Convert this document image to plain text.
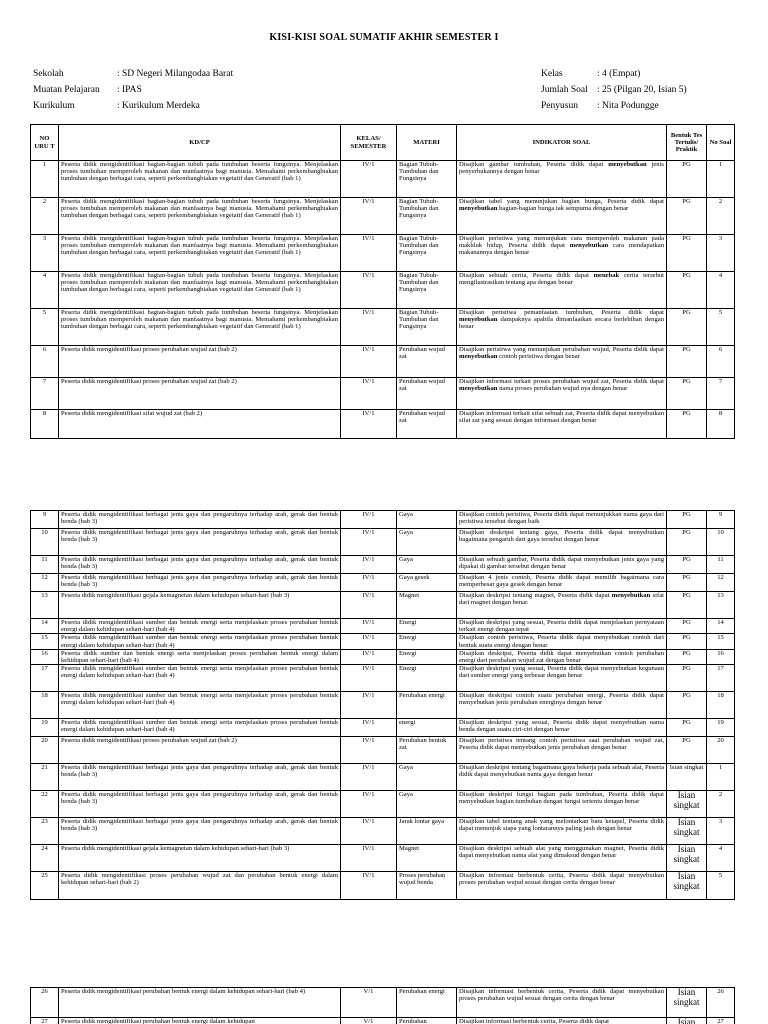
KISI-KISI SOAL SUMATIF AKHIR SEMESTER I
Sekolah	: SD Negeri Milangodaa Barat
Muatan Pelajaran : IPAS
Kurikulum	: Kurikulum Merdeka
Kelas	: 4 (Empat)
Jumlah Soal : 25 (Pilgan 20, Isian 5)
Penyusun : Nita Podungge
NO URU T	KD/CP	KELAS/ SEMESTER	MATERI	INDIKATOR SOAL	Bentuk Tes Tertulis/ Praktik	No Soal
1	Peserta didik mengidentifikasi bagian-bagian tubuh pada tumbuhan beserta fungsinya. Menjelaskan proses tumbuhan memperoleh makanan dan manfaatnya bagi manusia. Memahami perkembangbiakan tumbuhan dengan berbagai cara, seperti perkembangbiakan vegetatif dan Generatif (bab 1)	IV/1	Bagian Tubuh-Tumbuhan dan Fungsinya	Disajikan gambar tumbuhan, Peserta didik dapat menyebutkan jenis penyerbukannya dengan benar	PG	1
2	Peserta didik mengidentifikasi bagian-bagian tubuh pada tumbuhan beserta fungsinya. Menjelaskan proses tumbuhan memperoleh makanan dan manfaatnya bagi manusia. Memahami perkembangbiakan tumbuhan dengan berbagai cara, seperti perkembangbiakan vegetatif dan Generatif (bab 1)	IV/1	Bagian Tubuh-Tumbuhan dan Fungsinya	Disajikan tabel yang menunjukan bagian bunga, Peserta didik dapat menyebutkan bagian-bagian bunga tak sempurna dengan benar	PG	2
3	Peserta didik mengidentifikasi bagian-bagian tubuh pada tumbuhan beserta fungsinya. Menjelaskan proses tumbuhan memperoleh makanan dan manfaatnya bagi manusia. Memahami perkembangbiakan tumbuhan dengan berbagai cara, seperti perkembangbiakan vegetatif dan Generatif (bab 1)	IV/1	Bagian Tubuh-Tumbuhan dan Fungsinya	Disajikan peristiwa yang menunjukan cara memperoleh makanan pada makhluk hidup, Peserta didik dapat menyebutkan cara mendapatkan makanannya dengan benar	PG	3
4	Peserta didik mengidentifikasi bagian-bagian tubuh pada tumbuhan beserta fungsinya. Menjelaskan proses tumbuhan memperoleh makanan dan manfaatnya bagi manusia. Memahami perkembangbiakan tumbuhan dengan berbagai cara, seperti perkembangbiakan vegetatif dan Generatif (bab 1)	IV/1	Bagian Tubuh-Tumbuhan dan Fungsinya	Disajikan sebuah cerita, Peserta didik dapat menebak cerita tersebut mengilustrasikan tentang apa dengan benar	PG	4
5	Peserta didik mengidentifikasi bagian-bagian tubuh pada tumbuhan beserta fungsinya. Menjelaskan proses tumbuhan memperoleh makanan dan manfaatnya bagi manusia. Memahami perkembangbiakan tumbuhan dengan berbagai cara, seperti perkembangbiakan vegetatif dan Generatif (bab 1)	IV/1	Bagian Tubuh-Tumbuhan dan Fungsinya	Disajikan peristiwa pemanfaatan tumbuhan, Peserta didik dapat menyebutkan dampaknya apabila dimanfaatkan secara berlebihan dengan benar	PG	5
6	Peserta didik mengidentifikasi proses perubahan wujud zat (bab 2)	IV/1	Perubahan wujud zat	Disajikan peristiwa yang menunjukan perubahan wujud, Peserta didik dapat menyebutkan contoh peristiwa dengan benar	PG	6
7	Peserta didik mengidentifikasi proses perubahan wujud zat (bab 2)	IV/1	Perubahan wujud zat	Disajikan informasi terkait proses perubahan wujud zat, Peserta didik dapat menyebutkan nama proses perubahan wujud nya dengan benar	PG	7
8	Peserta didik mengidentifikasi sifat wujud zat (bab 2)	IV/1	Perubahan wujud zat	Disajikan informasi terkait sifat sebuah zat, Peserta didik dapat menyebutkan sifat zat yang sesuai dengan informasi dengan benar	PG	8
9	Peserta didik mengidentifikasi berbagai jenis gaya dan pengaruhnya terhadap arah, gerak dan bentuk benda (bab 3)	IV/1	Gaya	Disajikan contoh peristiwa, Peserta didik dapat menunjukkan nama gaya dari peristiwa tersebut dengan baik	PG	9
10	Peserta didik mengidentifikasi berbagai jenis gaya dan pengaruhnya terhadap arah, gerak dan bentuk benda (bab 3)	IV/1	Gaya	Disajikan deskripsi tentang gaya, Peserta didik dapat menyebutkan bagaimana pengaruh dari gaya tersebut dengan benar	PG	10
11	Peserta didik mengidentifikasi berbagai jenis gaya dan pengaruhnya terhadap arah, gerak dan bentuk benda (bab 3)	IV/1	Gaya	Disajikan sebuah gambar, Peserta didik dapat menyebutkan jenis gaya yang dipakai di gambar tersebut dengan benar	PG	11
12	Peserta didik mengidentifikasi berbagai jenis gaya dan pengaruhnya terhadap arah, gerak dan bentuk benda (bab 3)	IV/1	Gaya gesek	Disajikan 4 jenis contoh, Peserta didik dapat memilih bagaimana cara memperbesar gaya gesek dengan benar	PG	12
13	Peserta didik mengidentifikasi gejala kemagnetan dalam kehidupan sehari-hari (bab 3)	IV/1	Magnet	Disajikan deskripsi tentang magnet, Peserta didik dapat menyebutkan sifat dari magnet dengan benar.	PG	13
14	Peserta didik mengidentifikasi sumber dan bentuk energi serta menjelaskan proses perubahan bentuk energi dalam kehidupan sehari-hari (bab 4)	IV/1	Energi	Disajikan deskripsi yang sesuai, Peserta didik dapat menjelaskan pernyataan terkait energi dengan tepat	PG	14
15	Peserta didik mengidentifikasi sumber dan bentuk energi serta menjelaskan proses perubahan bentuk energi dalam kehidupan sehari-hari (bab 4)	IV/1	Energi	Disajikan contoh peristiwa, Peserta didik dapat menyebutkan contoh dari bentuk suatu energi dengan benar	PG	15
16	Peserta didik sumber dan bentuk energi serta menjelaskan proses perubahan bentuk energi dalam kehidupan sehari-hari (bab 4)	IV/1	Energi	Disajikan deskripsi, Peserta didik dapat menyebutkan contoh perubahan energi dari perubahan wujud zat dengan benar	PG	16
17	Peserta didik mengidentifikasi sumber dan bentuk energi serta menjelaskan proses perubahan bentuk energi dalam kehidupan sehari-hari (bab 4)	IV/1	Energi	Disajikan deskripsi yang sesuai, Peserta didik dapat menyebutkan kegunaan dari sumber energi yang terbesar dengan benar	PG	17
18	Peserta didik mengidentifikasi sumber dan bentuk energi serta menjelaskan proses perubahan bentuk energi dalam kehidupan sehari-hari (bab 4)	IV/1	Perubahan energi	Disajikan deskripsi contoh suatu perubahan energi, Peserta didik dapat menyebutkan jenis perubahan energinya dengan benar	PG	18
19	Peserta didik mengidentifikasi sumber dan bentuk energi serta menjelaskan proses perubahan bentuk energi dalam kehidupan sehari-hari (bab 4)	IV/1	energi	Disajikan deskripsi yang sesuai, Peserta didik dapat menyebutkan nama benda dengan suatu ciri-ciri dengan benar	PG	19
20	Peserta didik mengidentifikasi proses perubahan wujud zat (bab 2)	IV/1	Perubahan bentuk zat	Disajikan peristiwa tentang contoh peristiwa saat perubahan wujud zat, Peserta didik dapat menyebutkan jenis perubahan dengan benar	PG	20
21	Peserta didik mengidentifikasi berbagai jenis gaya dan pengaruhnya terhadap arah, gerak dan bentuk benda (bab 3)	IV/1	Gaya	Disajikan deskripsi tentang bagaimana gaya bekerja pada sebuah alat, Peserta didik dapat menyebutkan nama gaya dengan benar	Isian singkat	1
22	Peserta didik mengidentifikasi berbagai jenis gaya dan pengaruhnya terhadap arah, gerak dan bentuk benda (bab 3)	IV/1	Gaya	Disajikan deskripsi fungsi bagian pada tumbuhan, Peserta didik dapat menyebutkan bagian tumbuhan dengan fungsi tertentu dengan benar	Isian singkat	2
23	Peserta didik mengidentifikasi berbagai jenis gaya dan pengaruhnya terhadap arah, gerak dan bentuk benda (bab 3)	IV/1	Jarak lontar gaya	Disajikan tabel tentang anak yang melontarkan batu ketapel, Peserta didik dapat menunjuk siapa yang lontarannya paling jauh dengan benar	Isian singkat	3
24	Peserta didik mengidentifikasi gejala kemagnetan dalam kehidupan sehari-hari (bab 3)	IV/1	Magnet	Disajikan deskripsi sebuah alat yang menggunakan magnet, Peserta didik dapat menyebutkan nama alat yang dimaksud dengan benar	Isian singkat	4
25	Peserta didik mengidentifikasi proses perubahan wujud zat dan perubahan bentuk energi dalam kehidupan sehari-hari (bab 2)	IV/1	Proses perubahan wujud benda	Disajikan informasi berbentuk cerita, Peserta didik dapat menyebutkan proses perubahan wujud sesuai dengan cerita dengan benar	Isian singkat	5
26	Peserta didik mengidentifikasi perubahan bentuk energi dalam kehidupan sehari-hari (bab 4)	V/1	Perubahan energi	Disajikan informasi berbentuk cerita, Peserta didik dapat menyebutkan proses perubahan wujud sesuai dengan cerita dengan benar	Isian singkat	26
27	Peserta didik mengidentifikasi perubahan bentuk energi dalam kehidupan	V/1	Perubahan	Disajikan informasi berbentuk cerita, Peserta didik dapat	Isian	27
